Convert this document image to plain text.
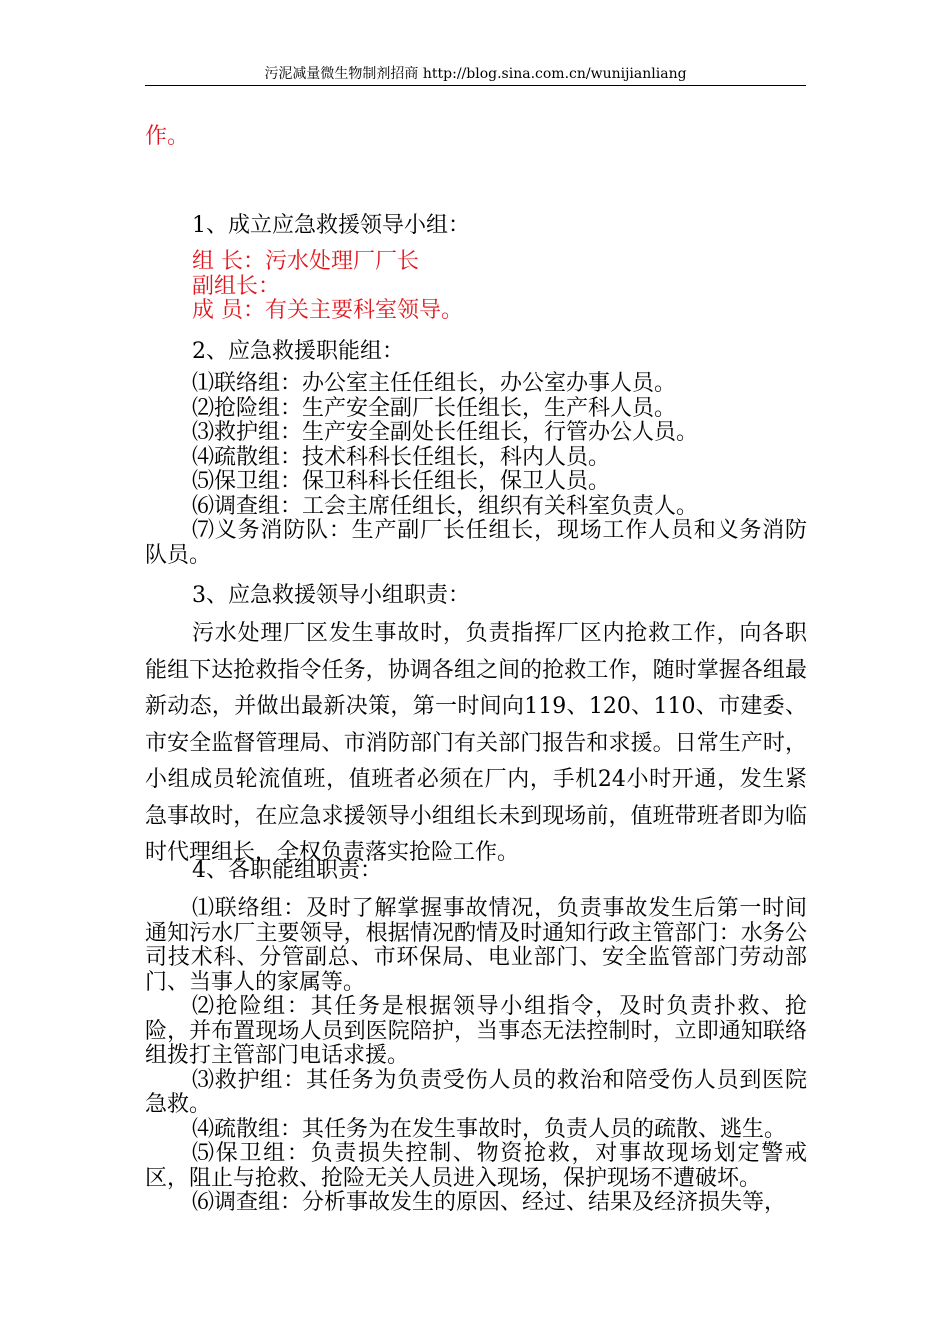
污泥减量微生物制剂招商 http://blog.sina.com.cn/wunijianliang

作。

1、成立应急救援领导小组：

组 长：污水处理厂厂长
副组长：
成 员：有关主要科室领导。

2、应急救援职能组：

⑴联络组：办公室主任任组长，办公室办事人员。

⑵抢险组：生产安全副厂长任组长，生产科人员。

⑶救护组：生产安全副处长任组长，行管办公人员。

⑷疏散组：技术科科长任组长，科内人员。

⑸保卫组：保卫科科长任组长，保卫人员。

⑹调查组：工会主席任组长，组织有关科室负责人。

⑺义务消防队：生产副厂长任组长，现场工作人员和义务消防队员。

3、应急救援领导小组职责：

污水处理厂区发生事故时，负责指挥厂区内抢救工作，向各职能组下达抢救指令任务，协调各组之间的抢救工作，随时掌握各组最新动态，并做出最新决策，第一时间向119、120、110、市建委、市安全监督管理局、市消防部门有关部门报告和求援。日常生产时，小组成员轮流值班，值班者必须在厂内，手机24小时开通，发生紧急事故时，在应急求援领导小组组长未到现场前，值班带班者即为临时代理组长，全权负责落实抢险工作。

4、各职能组职责：

⑴联络组：及时了解掌握事故情况，负责事故发生后第一时间通知污水厂主要领导，根据情况酌情及时通知行政主管部门：水务公司技术科、分管副总、市环保局、电业部门、安全监管部门劳动部门、当事人的家属等。

⑵抢险组：其任务是根据领导小组指令，及时负责扑救、抢险，并布置现场人员到医院陪护，当事态无法控制时，立即通知联络组拨打主管部门电话求援。

⑶救护组：其任务为负责受伤人员的救治和陪受伤人员到医院急救。

⑷疏散组：其任务为在发生事故时，负责人员的疏散、逃生。

⑸保卫组：负责损失控制、物资抢救，对事故现场划定警戒区，阻止与抢救、抢险无关人员进入现场，保护现场不遭破坏。

⑹调查组：分析事故发生的原因、经过、结果及经济损失等，
